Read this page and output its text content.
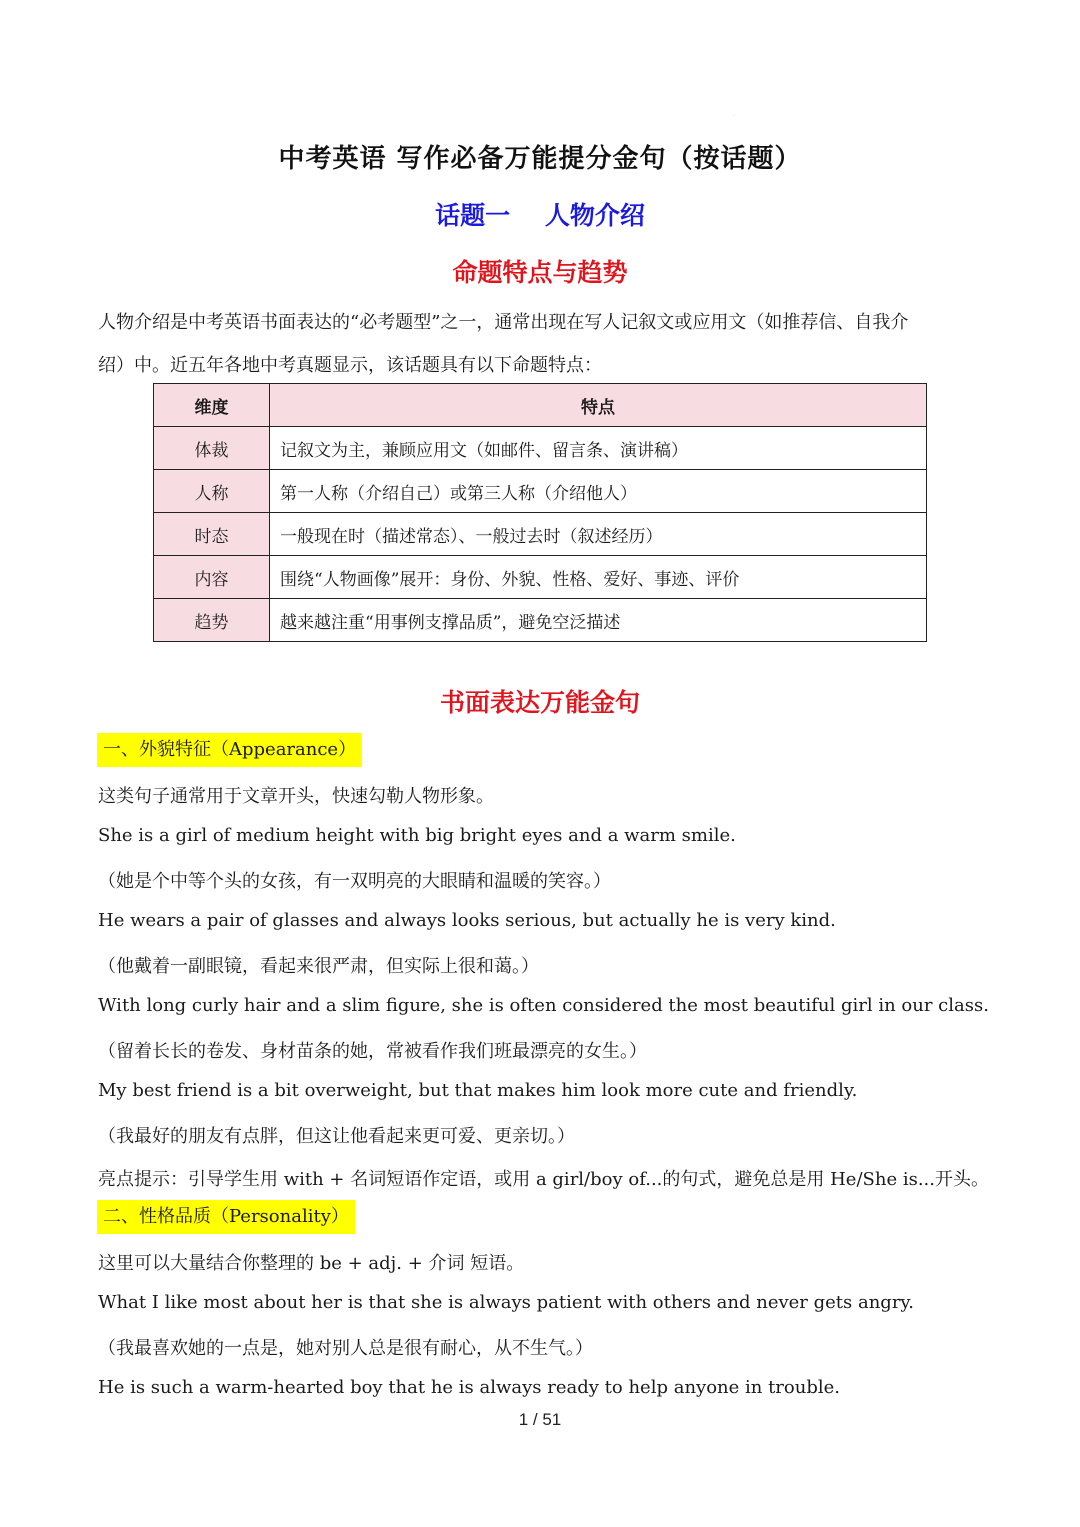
·
中考英语 写作必备万能提分金句（按话题）
话题一    人物介绍
命题特点与趋势
人物介绍是中考英语书面表达的“必考题型”之一，通常出现在写人记叙文或应用文（如推荐信、自我介
绍）中。近五年各地中考真题显示，该话题具有以下命题特点：
维度	特点
体裁	记叙文为主，兼顾应用文（如邮件、留言条、演讲稿）
人称	第一人称（介绍自己）或第三人称（介绍他人）
时态	一般现在时（描述常态）、一般过去时（叙述经历）
内容	围绕“人物画像”展开：身份、外貌、性格、爱好、事迹、评价
趋势	越来越注重“用事例支撑品质”，避免空泛描述
书面表达万能金句
一、外貌特征（Appearance）
这类句子通常用于文章开头，快速勾勒人物形象。
She is a girl of medium height with big bright eyes and a warm smile.
（她是个中等个头的女孩，有一双明亮的大眼睛和温暖的笑容。）
He wears a pair of glasses and always looks serious, but actually he is very kind.
（他戴着一副眼镜，看起来很严肃，但实际上很和蔼。）
With long curly hair and a slim figure, she is often considered the most beautiful girl in our class.
（留着长长的卷发、身材苗条的她，常被看作我们班最漂亮的女生。）
My best friend is a bit overweight, but that makes him look more cute and friendly.
（我最好的朋友有点胖，但这让他看起来更可爱、更亲切。）
亮点提示：引导学生用 with + 名词短语作定语，或用 a girl/boy of...的句式，避免总是用 He/She is...开头。
二、性格品质（Personality）
这里可以大量结合你整理的 be + adj. + 介词 短语。
What I like most about her is that she is always patient with others and never gets angry.
（我最喜欢她的一点是，她对别人总是很有耐心，从不生气。）
He is such a warm-hearted boy that he is always ready to help anyone in trouble.
1 / 51
